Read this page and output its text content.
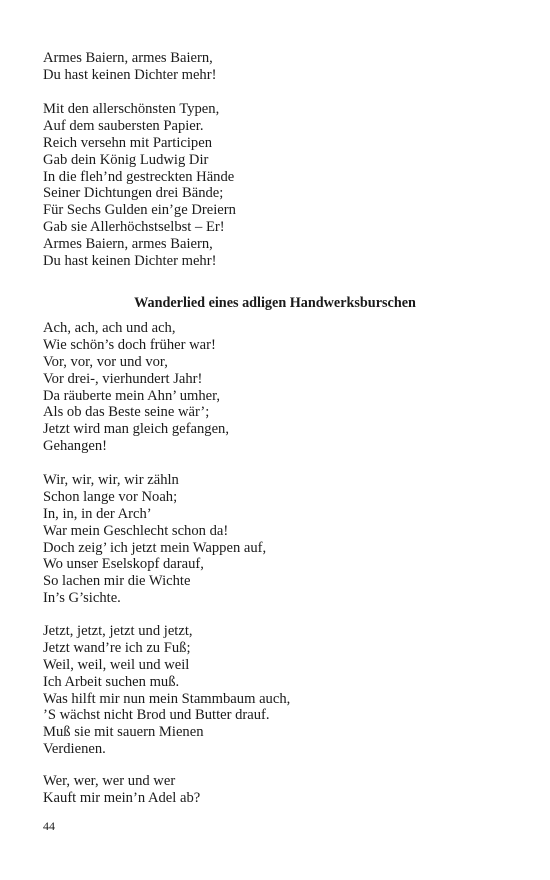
Armes Baiern, armes Baiern,
Du hast keinen Dichter mehr!
Mit den allerschönsten Typen,
Auf dem saubersten Papier.
Reich versehn mit Participen
Gab dein König Ludwig Dir
In die fleh’nd gestreckten Hände
Seiner Dichtungen drei Bände;
Für Sechs Gulden ein’ge Dreiern
Gab sie Allerhöchstselbst – Er!
Armes Baiern, armes Baiern,
Du hast keinen Dichter mehr!
Wanderlied eines adligen Handwerksburschen
Ach, ach, ach und ach,
Wie schön’s doch früher war!
Vor, vor, vor und vor,
Vor drei-, vierhundert Jahr!
Da räuberte mein Ahn’ umher,
Als ob das Beste seine wär’;
Jetzt wird man gleich gefangen,
Gehangen!
Wir, wir, wir, wir zähln
Schon lange vor Noah;
In, in, in der Arch’
War mein Geschlecht schon da!
Doch zeig’ ich jetzt mein Wappen auf,
Wo unser Eselskopf darauf,
So lachen mir die Wichte
In’s G’sichte.
Jetzt, jetzt, jetzt und jetzt,
Jetzt wand’re ich zu Fuß;
Weil, weil, weil und weil
Ich Arbeit suchen muß.
Was hilft mir nun mein Stammbaum auch,
’S wächst nicht Brod und Butter drauf.
Muß sie mit sauern Mienen
Verdienen.
Wer, wer, wer und wer
Kauft mir mein’n Adel ab?
44
